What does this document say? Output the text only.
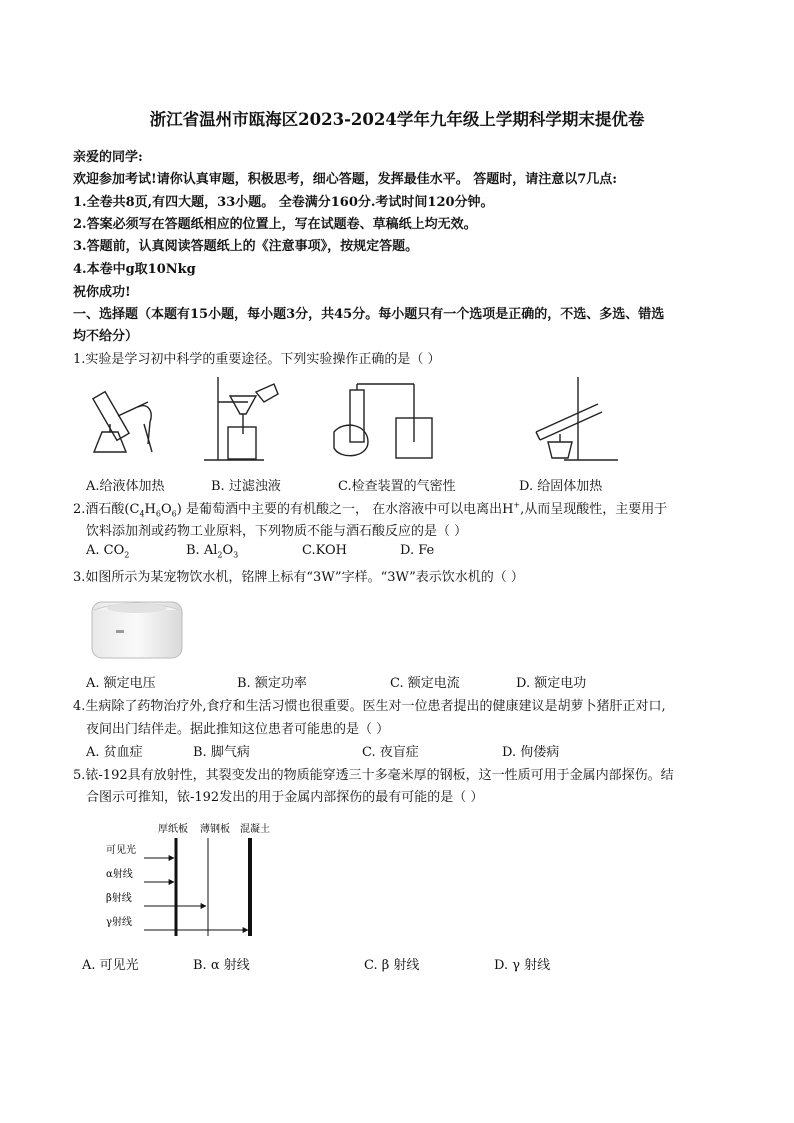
浙江省温州市瓯海区2023-2024学年九年级上学期科学期末提优卷
亲爱的同学:
欢迎参加考试!请你认真审题，积极思考，细心答题，发挥最佳水平。 答题时，请注意以7几点:
1.全卷共8页,有四大题，33小题。 全卷满分160分.考试时间120分钟。
2.答案必须写在答题纸相应的位置上，写在试题卷、草稿纸上均无效。
3.答题前，认真阅读答题纸上的《注意事项》，按规定答题。
4.本卷中g取10Nkg
祝你成功!
一、选择题（本题有15小题，每小题3分，共45分。每小题只有一个选项是正确的，不选、多选、错选
均不给分）
1.实验是学习初中科学的重要途径。下列实验操作正确的是（ ）
A.给液体加热	B. 过滤浊液	C.检查装置的气密性	D. 给固体加热
2.酒石酸$(C_4H_6O_6)$ 是葡萄酒中主要的有机酸之一， 在水溶液中可以电离出H+,从而呈现酸性，主要用于
饮料添加剂或药物工业原料，下列物质不能与酒石酸反应的是（ ）
A. $CO_2$	B. $Al_2O_3$	C.KOH	D. Fe
3.如图所示为某宠物饮水机，铭牌上标有“3W”字样。“3W”表示饮水机的（ ）
A. 额定电压	B. 额定功率	C. 额定电流	D. 额定电功
4.生病除了药物治疗外,食疗和生活习惯也很重要。医生对一位患者提出的健康建议是胡萝卜猪肝正对口,
夜间出门结伴走。据此推知这位患者可能患的是（ ）
A. 贫血症	B. 脚气病	C. 夜盲症	D. 佝偻病
5.铱-192具有放射性，其裂变发出的物质能穿透三十多毫米厚的钢板，这一性质可用于金属内部探伤。结
合图示可推知，铱-192发出的用于金属内部探伤的最有可能的是（ ）
厚纸板 薄钢板 混凝土
可见光
α射线
β射线
γ射线
A. 可见光	B. α 射线	C. β 射线	D. γ 射线
